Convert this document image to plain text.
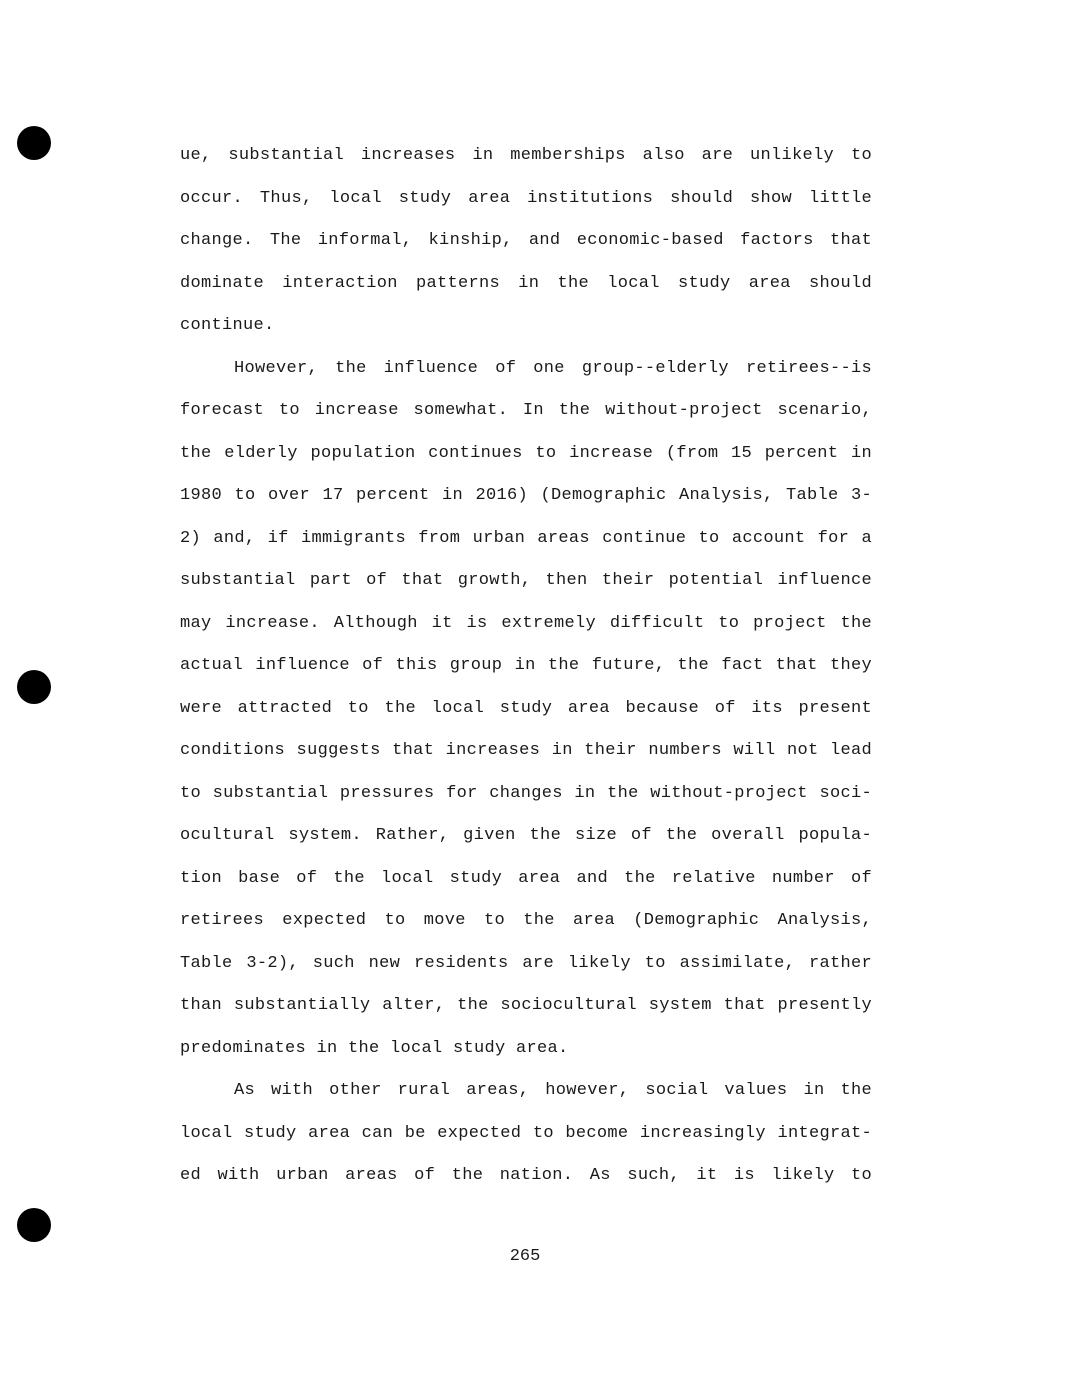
ue, substantial increases in memberships also are unlikely to
occur. Thus, local study area institutions should show little
change. The informal, kinship, and economic-based factors that
dominate interaction patterns in the local study area should
continue.
However, the influence of one group--elderly retirees--is
forecast to increase somewhat. In the without-project scenario,
the elderly population continues to increase (from 15 percent in
1980 to over 17 percent in 2016) (Demographic Analysis, Table 3-
2) and, if immigrants from urban areas continue to account for a
substantial part of that growth, then their potential influence
may increase. Although it is extremely difficult to project the
actual influence of this group in the future, the fact that they
were attracted to the local study area because of its present
conditions suggests that increases in their numbers will not lead
to substantial pressures for changes in the without-project soci-
ocultural system. Rather, given the size of the overall popula-
tion base of the local study area and the relative number of
retirees expected to move to the area (Demographic Analysis,
Table 3-2), such new residents are likely to assimilate, rather
than substantially alter, the sociocultural system that presently
predominates in the local study area.
As with other rural areas, however, social values in the
local study area can be expected to become increasingly integrat-
ed with urban areas of the nation. As such, it is likely to
265
